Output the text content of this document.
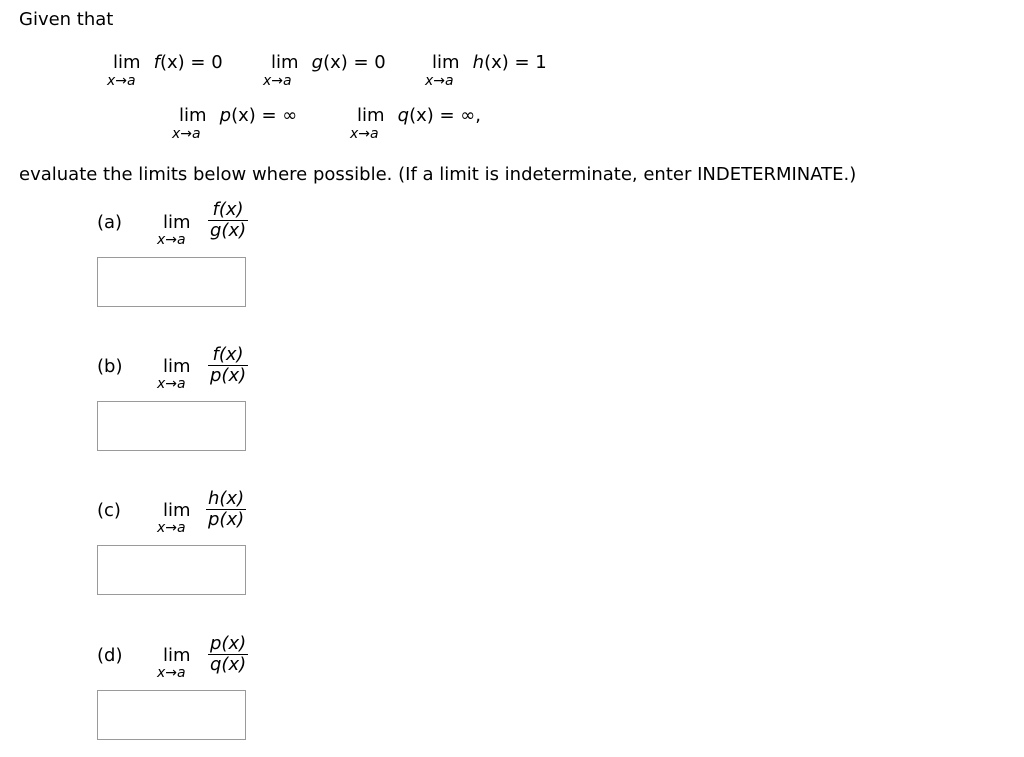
Given that
lim f(x) = 0
x→a
lim g(x) = 0
x→a
lim h(x) = 1
x→a
lim p(x) = ∞
x→a
lim q(x) = ∞,
x→a
evaluate the limits below where possible. (If a limit is indeterminate, enter INDETERMINATE.)
(a) lim
x→a
f(x)
g(x)
(b) lim
x→a
f(x)
p(x)
(c) lim
x→a
h(x)
p(x)
(d) lim
x→a
p(x)
q(x)
